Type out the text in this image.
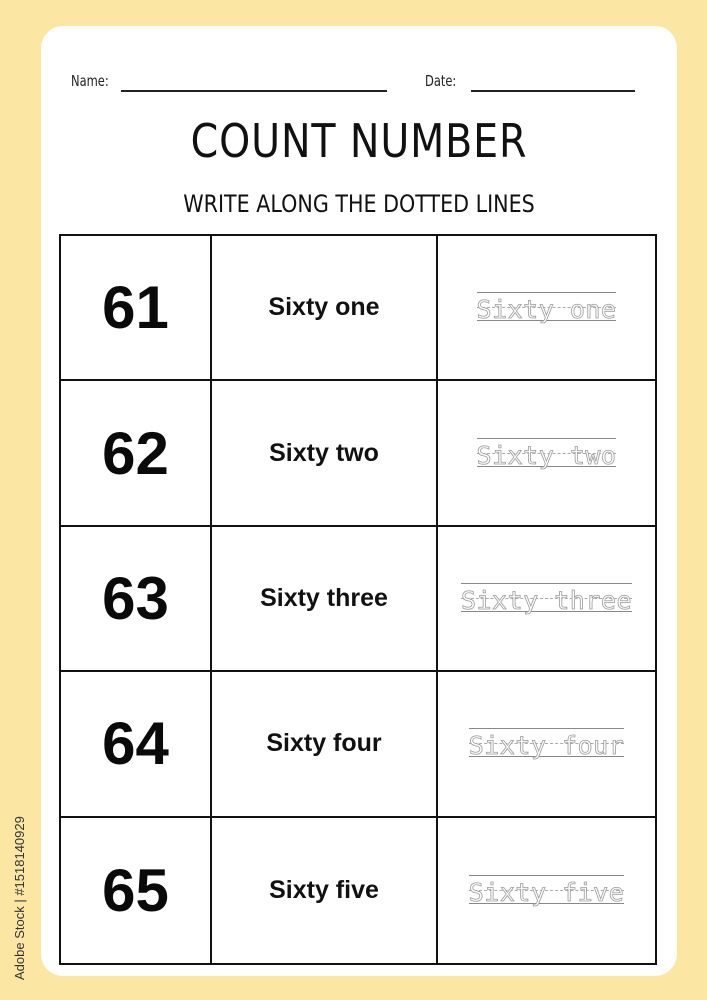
Name:	Date:
COUNT NUMBER
WRITE ALONG THE DOTTED LINES
61	Sixty one	Sixty one
62	Sixty two	Sixty two
63	Sixty three	Sixty three
64	Sixty four	Sixty four
65	Sixty five	Sixty five
Adobe Stock | #1518140929
